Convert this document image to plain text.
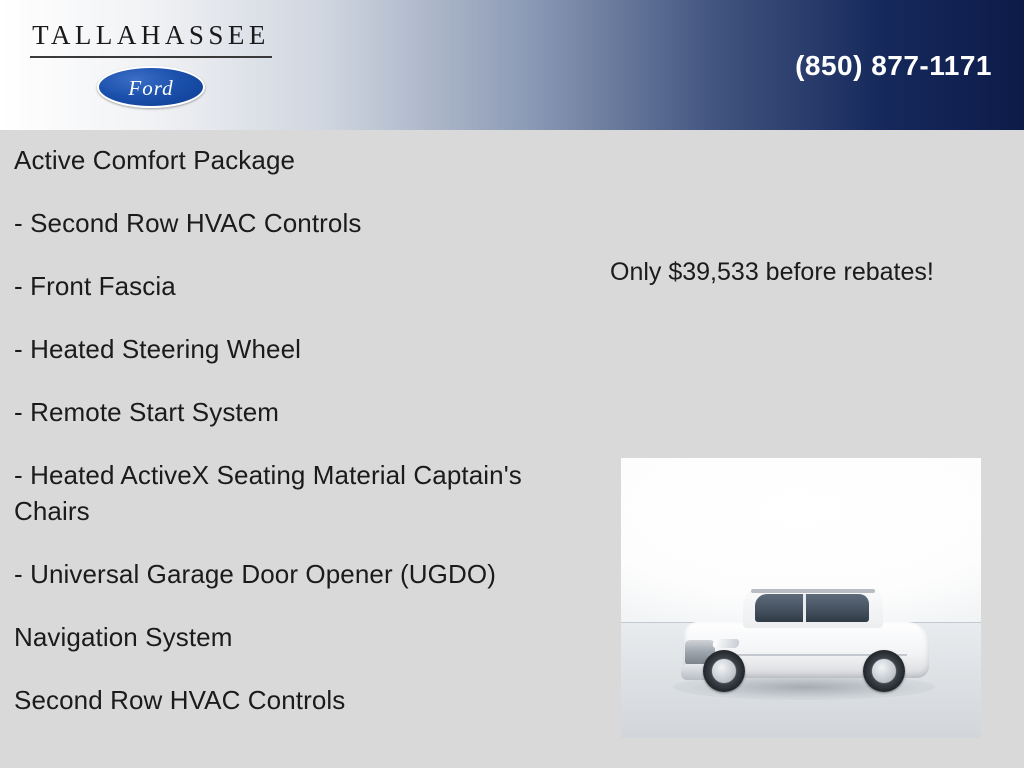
TALLAHASSEE
Ford
(850) 877-1171
Active Comfort Package
- Second Row HVAC Controls
- Front Fascia
- Heated Steering Wheel
- Remote Start System
- Heated ActiveX Seating Material Captain's Chairs
- Universal Garage Door Opener (UGDO)
Navigation System
Second Row HVAC Controls
Only $39,533 before rebates!
